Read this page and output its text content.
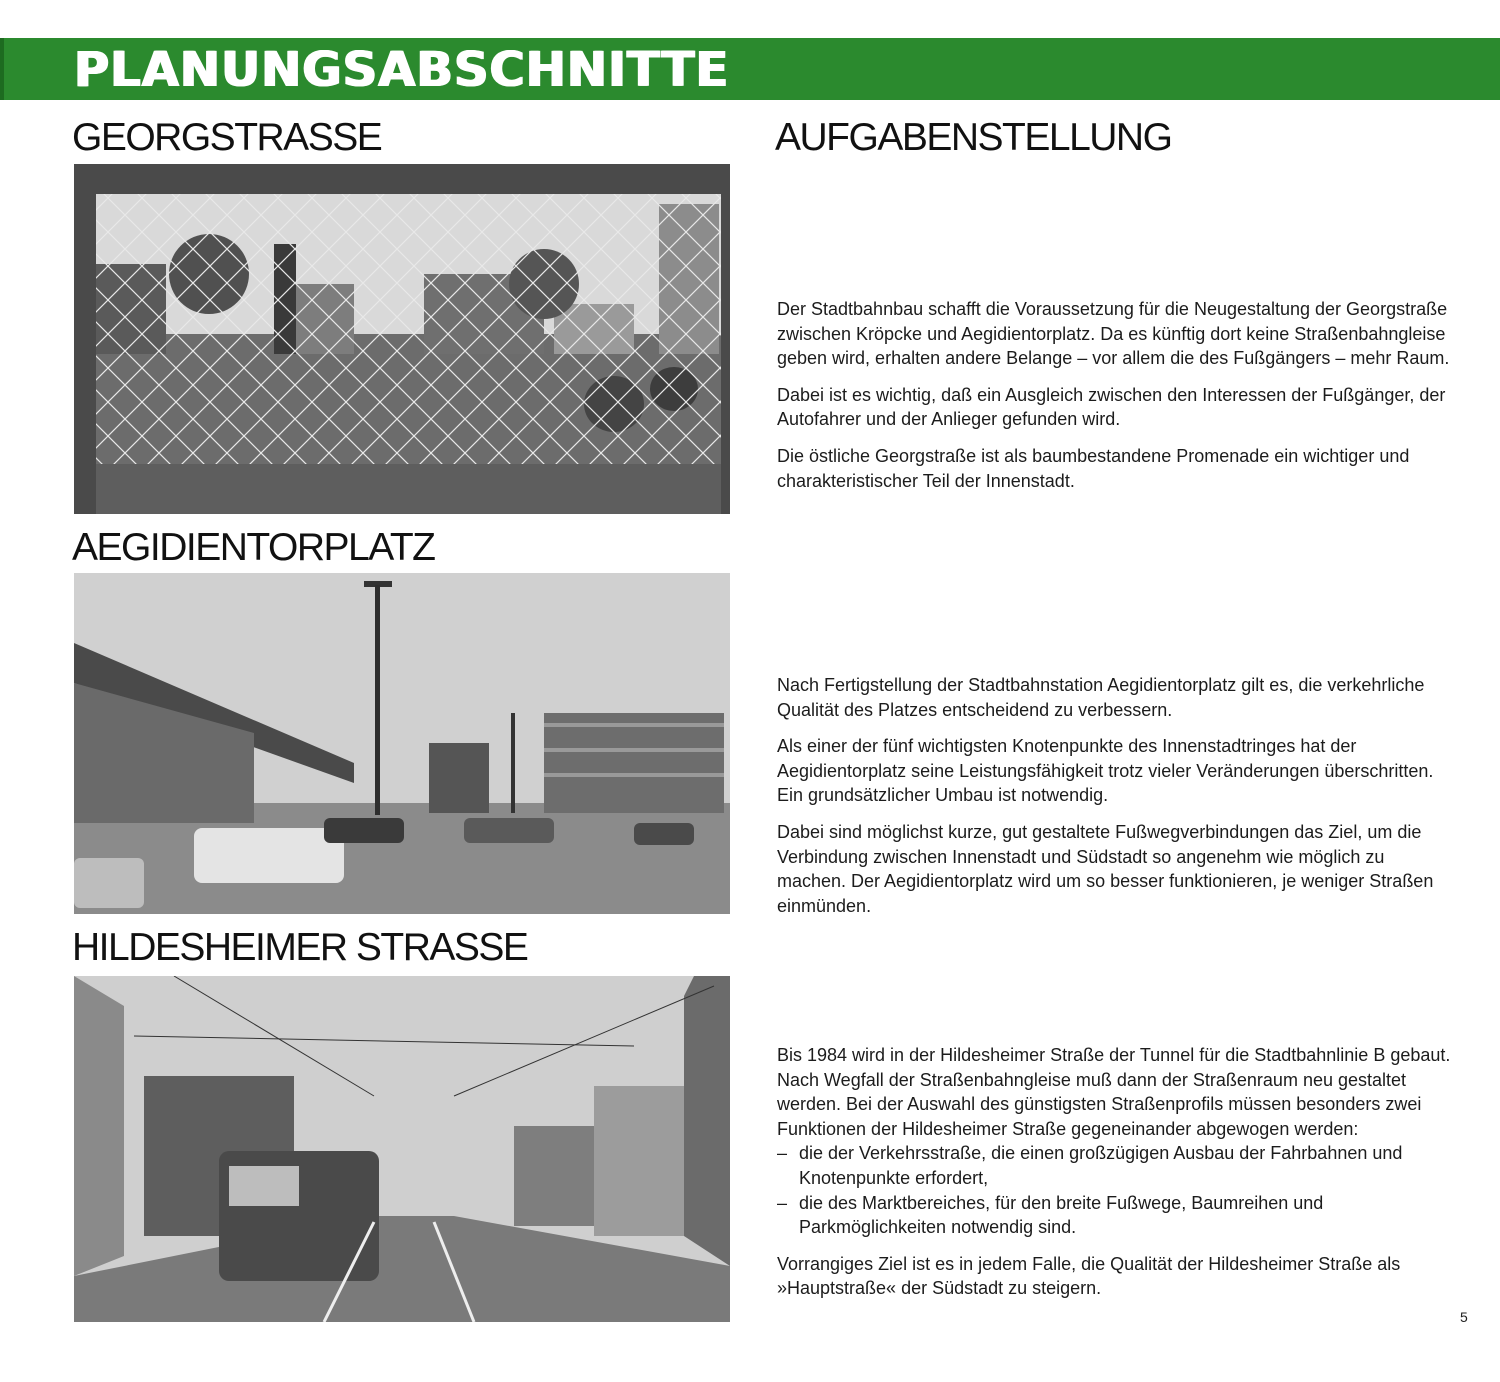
PLANUNGSABSCHNITTE
GEORGSTRASSE
AEGIDIENTORPLATZ
HILDESHEIMER STRASSE
AUFGABENSTELLUNG

Der Stadtbahnbau schafft die Voraussetzung für die Neugestaltung der Georgstraße zwischen Kröpcke und Aegidientorplatz. Da es künftig dort keine Straßenbahngleise geben wird, erhalten andere Belange – vor allem die des Fußgängers – mehr Raum.

Dabei ist es wichtig, daß ein Ausgleich zwischen den Interessen der Fußgänger, der Autofahrer und der Anlieger gefunden wird.

Die östliche Georgstraße ist als baumbestandene Promenade ein wichtiger und charakteristischer Teil der Innenstadt.

Nach Fertigstellung der Stadtbahnstation Aegidientorplatz gilt es, die verkehrliche Qualität des Platzes entscheidend zu verbessern.

Als einer der fünf wichtigsten Knotenpunkte des Innenstadtringes hat der Aegidientorplatz seine Leistungsfähigkeit trotz vieler Veränderungen überschritten. Ein grundsätzlicher Umbau ist notwendig.

Dabei sind möglichst kurze, gut gestaltete Fußwegverbindungen das Ziel, um die Verbindung zwischen Innenstadt und Südstadt so angenehm wie möglich zu machen. Der Aegidientorplatz wird um so besser funktionieren, je weniger Straßen einmünden.

Bis 1984 wird in der Hildesheimer Straße der Tunnel für die Stadtbahnlinie B gebaut. Nach Wegfall der Straßenbahngleise muß dann der Straßenraum neu gestaltet werden. Bei der Auswahl des günstigsten Straßenprofils müssen besonders zwei Funktionen der Hildesheimer Straße gegeneinander abgewogen werden:

– die der Verkehrsstraße, die einen großzügigen Ausbau der Fahrbahnen und Knotenpunkte erfordert,
– die des Marktbereiches, für den breite Fußwege, Baumreihen und Parkmöglichkeiten notwendig sind.

Vorrangiges Ziel ist es in jedem Falle, die Qualität der Hildesheimer Straße als »Hauptstraße« der Südstadt zu steigern.

5
